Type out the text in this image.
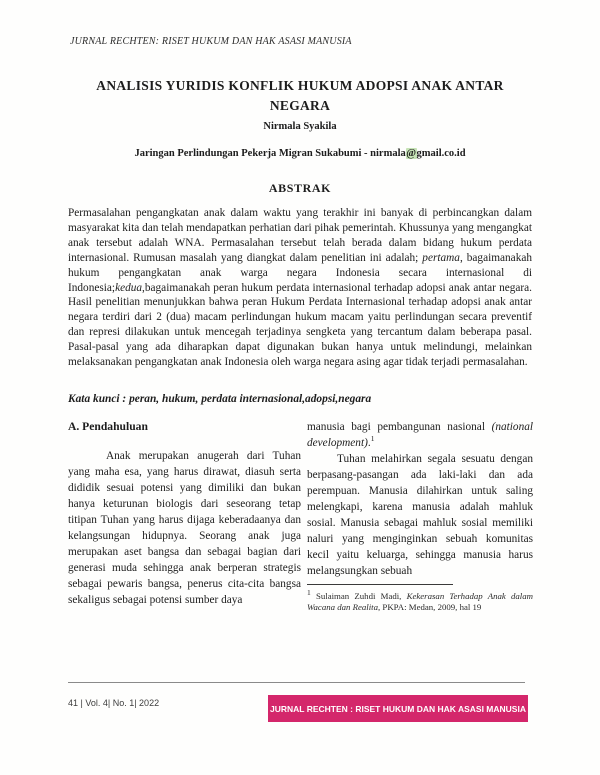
JURNAL RECHTEN: RISET HUKUM DAN HAK ASASI MANUSIA
ANALISIS YURIDIS KONFLIK HUKUM ADOPSI ANAK ANTAR NEGARA
Nirmala Syakila
Jaringan Perlindungan Pekerja Migran Sukabumi - nirmala@gmail.co.id
ABSTRAK

Permasalahan pengangkatan anak dalam waktu yang terakhir ini banyak di perbincangkan dalam masyarakat kita dan telah mendapatkan perhatian dari pihak pemerintah. Khussunya yang mengangkat anak tersebut adalah WNA. Permasalahan tersebut telah berada dalam bidang hukum perdata internasional. Rumusan masalah yang diangkat dalam penelitian ini adalah; pertama, bagaimanakah hukum pengangkatan anak warga negara Indonesia secara internasional di Indonesia;kedua,bagaimanakah peran hukum perdata internasional terhadap adopsi anak antar negara. Hasil penelitian menunjukkan bahwa peran Hukum Perdata Internasional terhadap adopsi anak antar negara terdiri dari 2 (dua) macam perlindungan hukum macam yaitu perlindungan secara preventif dan represi dilakukan untuk mencegah terjadinya sengketa yang tercantum dalam beberapa pasal. Pasal-pasal yang ada diharapkan dapat digunakan bukan hanya untuk melindungi, melainkan melaksanakan pengangkatan anak Indonesia oleh warga negara asing agar tidak terjadi permasalahan.

Kata kunci : peran, hukum, perdata internasional,adopsi,negara
A. Pendahuluan

Anak merupakan anugerah dari Tuhan yang maha esa, yang harus dirawat, diasuh serta dididik sesuai potensi yang dimiliki dan bukan hanya keturunan biologis dari seseorang tetap titipan Tuhan yang harus dijaga keberadaanya dan kelangsungan hidupnya. Seorang anak juga merupakan aset bangsa dan sebagai bagian dari generasi muda sehingga anak berperan strategis sebagai pewaris bangsa, penerus cita-cita bangsa sekaligus sebagai potensi sumber daya

manusia bagi pembangunan nasional (national development).$^1$

Tuhan melahirkan segala sesuatu dengan berpasang-pasangan ada laki-laki dan ada perempuan. Manusia dilahirkan untuk saling melengkapi, karena manusia adalah mahluk sosial. Manusia sebagai mahluk sosial memiliki naluri yang menginginkan sebuah komunitas kecil yaitu keluarga, sehingga manusia harus melangsungkan sebuah

$^1$ Sulaiman Zuhdi Madi, Kekerasan Terhadap Anak dalam Wacana dan Realita, PKPA: Medan, 2009, hal 19
41 | Vol. 4| No. 1| 2022
JURNAL RECHTEN : RISET HUKUM DAN HAK ASASI MANUSIA
